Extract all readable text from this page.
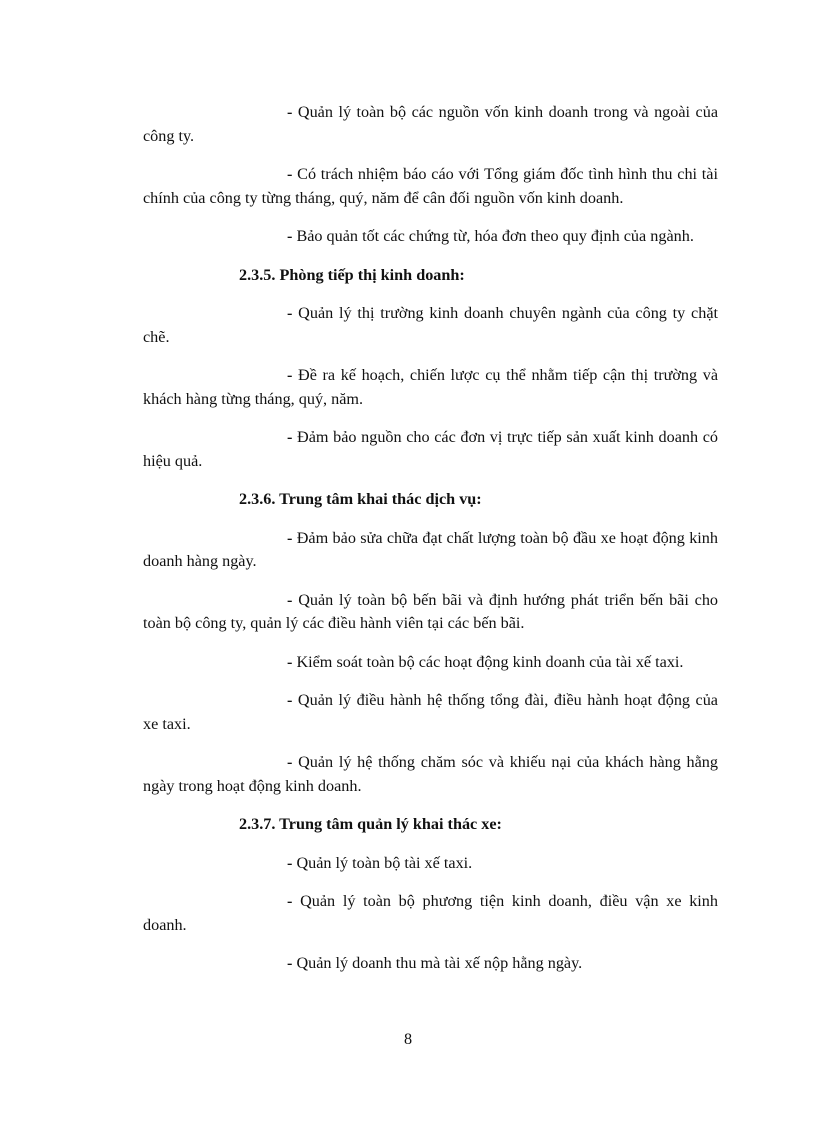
- Quản lý toàn bộ các nguồn vốn kinh doanh trong và ngoài của công ty.

- Có trách nhiệm báo cáo với Tổng giám đốc tình hình thu chi tài chính của công ty từng tháng, quý, năm để cân đối nguồn vốn kinh doanh.

- Bảo quản tốt các chứng từ, hóa đơn theo quy định của ngành.

2.3.5. Phòng tiếp thị kinh doanh:

- Quản lý thị trường kinh doanh chuyên ngành của công ty chặt chẽ.

- Đề ra kế hoạch, chiến lược cụ thể nhằm tiếp cận thị trường và khách hàng từng tháng, quý, năm.

- Đảm bảo nguồn cho các đơn vị trực tiếp sản xuất kinh doanh có hiệu quả.

2.3.6. Trung tâm khai thác dịch vụ:

- Đảm bảo sửa chữa đạt chất lượng toàn bộ đầu xe hoạt động kinh doanh hàng ngày.

- Quản lý toàn bộ bến bãi và định hướng phát triển bến bãi cho toàn bộ công ty, quản lý các điều hành viên tại các bến bãi.

- Kiểm soát toàn bộ các hoạt động kinh doanh của tài xế taxi.

- Quản lý điều hành hệ thống tổng đài, điều hành hoạt động của xe taxi.

- Quản lý hệ thống chăm sóc và khiếu nại của khách hàng hằng ngày trong hoạt động kinh doanh.

2.3.7. Trung tâm quản lý khai thác xe:

- Quản lý toàn bộ tài xế taxi.

- Quản lý toàn bộ phương tiện kinh doanh, điều vận xe kinh doanh.

- Quản lý doanh thu mà tài xế nộp hằng ngày.

8
